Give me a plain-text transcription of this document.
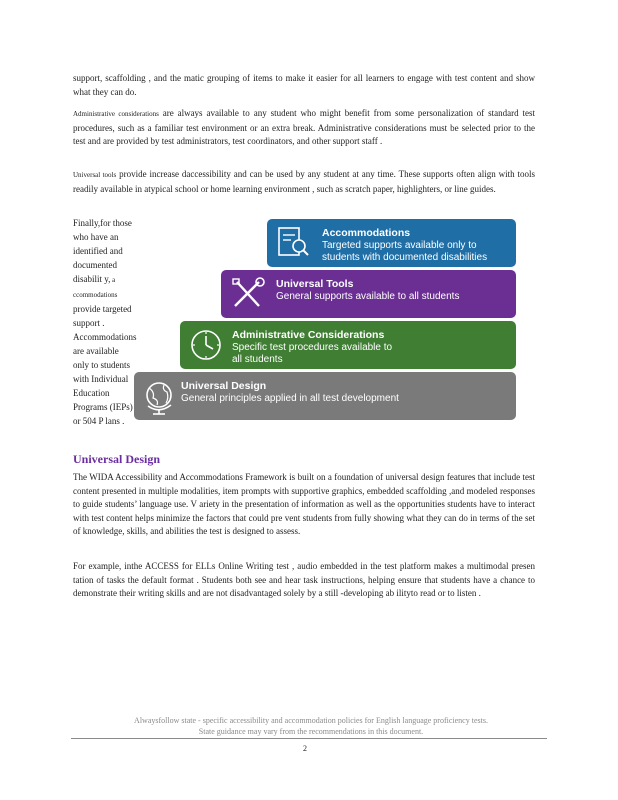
support, scaffolding , and the matic grouping of items to make it easier for all learners to engage with test content and show what they can do.
Administrative considerations are always available to any student who might benefit from some personalization of standard test procedures, such as a familiar test environment or an extra break. Administrative considerations must be selected prior to the test and are provided by test administrators, test coordinators, and other support staff .
Universal tools provide increase daccessibility and can be used by any student at any time. These supports often align with tools readily available in atypical school or home learning environment , such as scratch paper, highlighters, or line guides.
Finally,for those who have an identified and documented disabilit y, a ccommodations provide targeted support . Accommodations are available only to students with Individual Education Programs (IEPs) or 504 P lans .
Accommodations
Targeted supports available only to
students with documented disabilities
Universal Tools
General supports available to all students
Administrative Considerations
Specific test procedures available to
all students
Universal Design
General principles applied in all test development
Universal Design
The WIDA Accessibility and Accommodations Framework is built on a foundation of universal design features that include test content presented in multiple modalities, item prompts with supportive graphics, embedded scaffolding ,and modeled responses to guide students’ language use. V ariety in the presentation of information as well as the opportunities students have to interact with test content helps minimize the factors that could pre vent students from fully showing what they can do in terms of the set of knowledge, skills, and abilities the test is designed to assess.
For example, inthe ACCESS for ELLs Online Writing test , audio embedded in the test platform makes a multimodal presen tation of tasks the default format . Students both see and hear task instructions, helping ensure that students have a chance to demonstrate their writing skills and are not disadvantaged solely by a still -developing ab ilityto read or to listen .
Alwaysfollow state - specific accessibility and accommodation policies for English language proficiency tests.
State guidance may vary from the recommendations in this document.
2
